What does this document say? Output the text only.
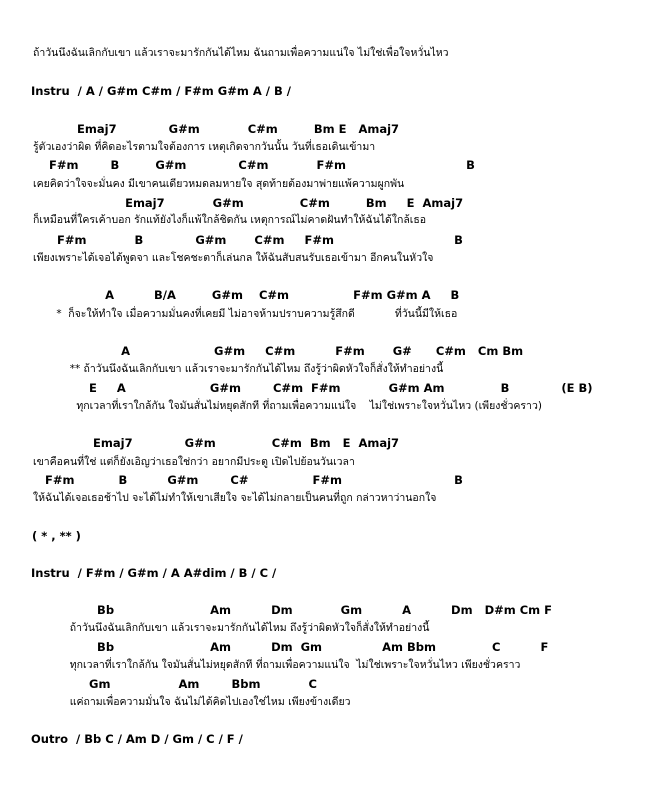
ถ้าวันนึงฉันเลิกกับเขา แล้วเราจะมารักกันได้ไหม ฉันถามเพื่อความแน่ใจ ไม่ใช่เพื่อใจหวั่นไหว
Instru  / A / G#m C#m / F#m G#m A / B /
Emaj7             G#m            C#m         Bm E   Amaj7
รู้ตัวเองว่าผิด ที่คิดอะไรตามใจต้องการ เหตุเกิดจากวันนั้น วันที่เธอเดินเข้ามา
F#m        B         G#m             C#m            F#m                              B
เคยคิดว่าใจจะมั่นคง มีเขาคนเดียวหมดลมหายใจ สุดท้ายต้องมาพ่ายแพ้ความผูกพัน
Emaj7            G#m              C#m         Bm     E  Amaj7
ก็เหมือนที่ใครเค้าบอก รักแท้ยังไงก็แพ้ใกล้ชิดกัน เหตุการณ์ไม่คาดฝันทำให้ฉันได้ใกล้เธอ
F#m            B             G#m       C#m     F#m                              B
เพียงเพราะได้เจอได้พูดจา และโชคชะตาก็เล่นกล ให้ฉันสับสนรับเธอเข้ามา อีกคนในหัวใจ
A          B/A         G#m    C#m                F#m G#m A     B
*  ก็จะให้ทำใจ เมื่อความมั่นคงที่เคยมี ไม่อาจห้ามปราบความรู้สึกดี            ที่วันนี้มีให้เธอ
A                     G#m     C#m          F#m       G#      C#m   Cm Bm
** ถ้าวันนึงฉันเลิกกับเขา แล้วเราจะมารักกันได้ไหม ถึงรู้ว่าผิดหัวใจก็สั่งให้ทำอย่างนี้
E     A                     G#m        C#m  F#m            G#m Am              B             (E B)
ทุกเวลาที่เราใกล้กัน ใจมันสั่นไม่หยุดสักที ที่ถามเพื่อความแน่ใจ    ไม่ใช่เพราะใจหวั่นไหว (เพียงชั่วคราว)
Emaj7             G#m              C#m  Bm   E  Amaj7
เขาคือคนที่ใช่ แต่ก็ยังเอิญว่าเธอใช่กว่า อยากมีประตู เปิดไปย้อนวันเวลา
F#m           B          G#m        C#                F#m                            B
ให้ฉันได้เจอเธอช้าไป จะได้ไม่ทำให้เขาเสียใจ จะได้ไม่กลายเป็นคนที่ถูก กล่าวหาว่านอกใจ
( * , ** )
Instru  / F#m / G#m / A A#dim / B / C /
Bb                        Am          Dm            Gm          A          Dm   D#m Cm F
ถ้าวันนึงฉันเลิกกับเขา แล้วเราจะมารักกันได้ไหม ถึงรู้ว่าผิดหัวใจก็สั่งให้ทำอย่างนี้
Bb                        Am          Dm  Gm               Am Bbm              C          F
ทุกเวลาที่เราใกล้กัน ใจมันสั่นไม่หยุดสักที ที่ถามเพื่อความแน่ใจ  ไม่ใช่เพราะใจหวั่นไหว เพียงชั่วคราว
Gm                 Am        Bbm            C
แค่ถามเพื่อความมั่นใจ ฉันไม่ได้คิดไปเองใช่ไหม เพียงข้างเดียว
Outro  / Bb C / Am D / Gm / C / F /
